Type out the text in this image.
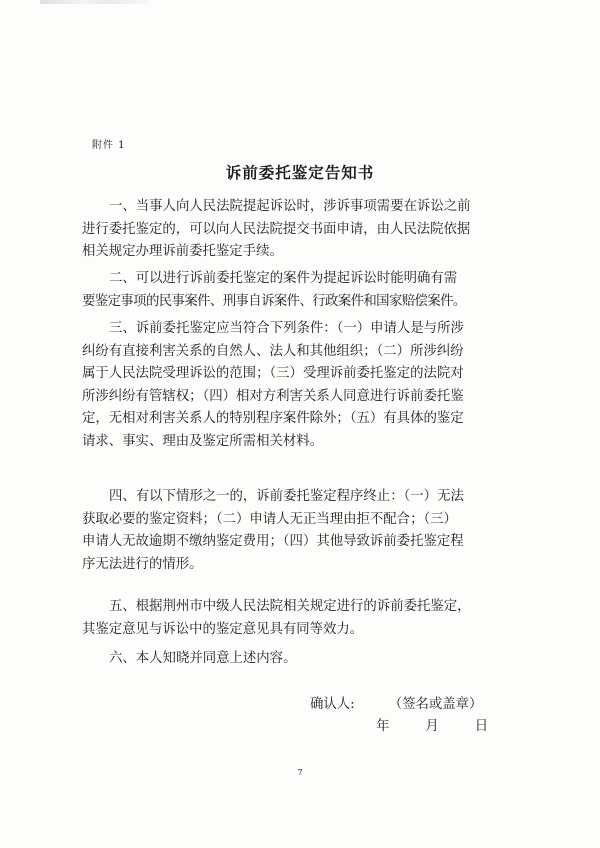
附件 1
诉前委托鉴定告知书
一、当事人向人民法院提起诉讼时，涉诉事项需要在诉讼之前
进行委托鉴定的，可以向人民法院提交书面申请，由人民法院依据
相关规定办理诉前委托鉴定手续。
二、可以进行诉前委托鉴定的案件为提起诉讼时能明确有需
要鉴定事项的民事案件、刑事自诉案件、行政案件和国家赔偿案件。
三、诉前委托鉴定应当符合下列条件：（一）申请人是与所涉
纠纷有直接利害关系的自然人、法人和其他组织；（二）所涉纠纷
属于人民法院受理诉讼的范围；（三）受理诉前委托鉴定的法院对
所涉纠纷有管辖权；（四）相对方利害关系人同意进行诉前委托鉴
定，无相对利害关系人的特别程序案件除外；（五）有具体的鉴定
请求、事实、理由及鉴定所需相关材料。
四、有以下情形之一的，诉前委托鉴定程序终止：（一）无法
获取必要的鉴定资料；（二）申请人无正当理由拒不配合；（三）
申请人无故逾期不缴纳鉴定费用；（四）其他导致诉前委托鉴定程
序无法进行的情形。
五、根据荆州市中级人民法院相关规定进行的诉前委托鉴定，
其鉴定意见与诉讼中的鉴定意见具有同等效力。
六、本人知晓并同意上述内容。
确认人:	（签名或盖章）
年	月	日
7
